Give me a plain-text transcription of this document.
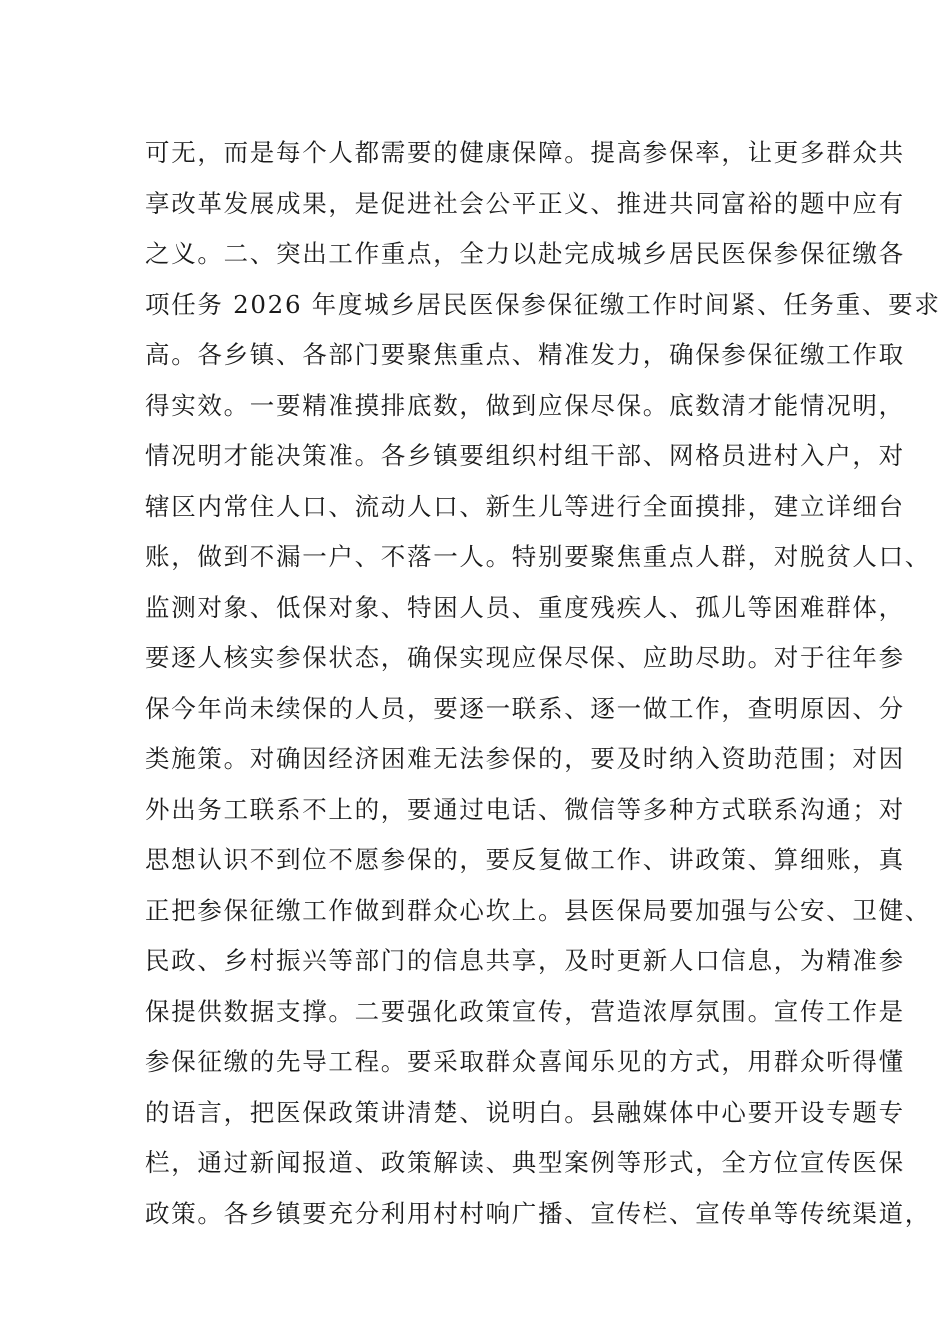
可无，而是每个人都需要的健康保障。提高参保率，让更多群众共
享改革发展成果，是促进社会公平正义、推进共同富裕的题中应有
之义。二、突出工作重点，全力以赴完成城乡居民医保参保征缴各
项任务 2026 年度城乡居民医保参保征缴工作时间紧、任务重、要求
高。各乡镇、各部门要聚焦重点、精准发力，确保参保征缴工作取
得实效。一要精准摸排底数，做到应保尽保。底数清才能情况明，
情况明才能决策准。各乡镇要组织村组干部、网格员进村入户，对
辖区内常住人口、流动人口、新生儿等进行全面摸排，建立详细台
账，做到不漏一户、不落一人。特别要聚焦重点人群，对脱贫人口、
监测对象、低保对象、特困人员、重度残疾人、孤儿等困难群体，
要逐人核实参保状态，确保实现应保尽保、应助尽助。对于往年参
保今年尚未续保的人员，要逐一联系、逐一做工作，查明原因、分
类施策。对确因经济困难无法参保的，要及时纳入资助范围；对因
外出务工联系不上的，要通过电话、微信等多种方式联系沟通；对
思想认识不到位不愿参保的，要反复做工作、讲政策、算细账，真
正把参保征缴工作做到群众心坎上。县医保局要加强与公安、卫健、
民政、乡村振兴等部门的信息共享，及时更新人口信息，为精准参
保提供数据支撑。二要强化政策宣传，营造浓厚氛围。宣传工作是
参保征缴的先导工程。要采取群众喜闻乐见的方式，用群众听得懂
的语言，把医保政策讲清楚、说明白。县融媒体中心要开设专题专
栏，通过新闻报道、政策解读、典型案例等形式，全方位宣传医保
政策。各乡镇要充分利用村村响广播、宣传栏、宣传单等传统渠道，
